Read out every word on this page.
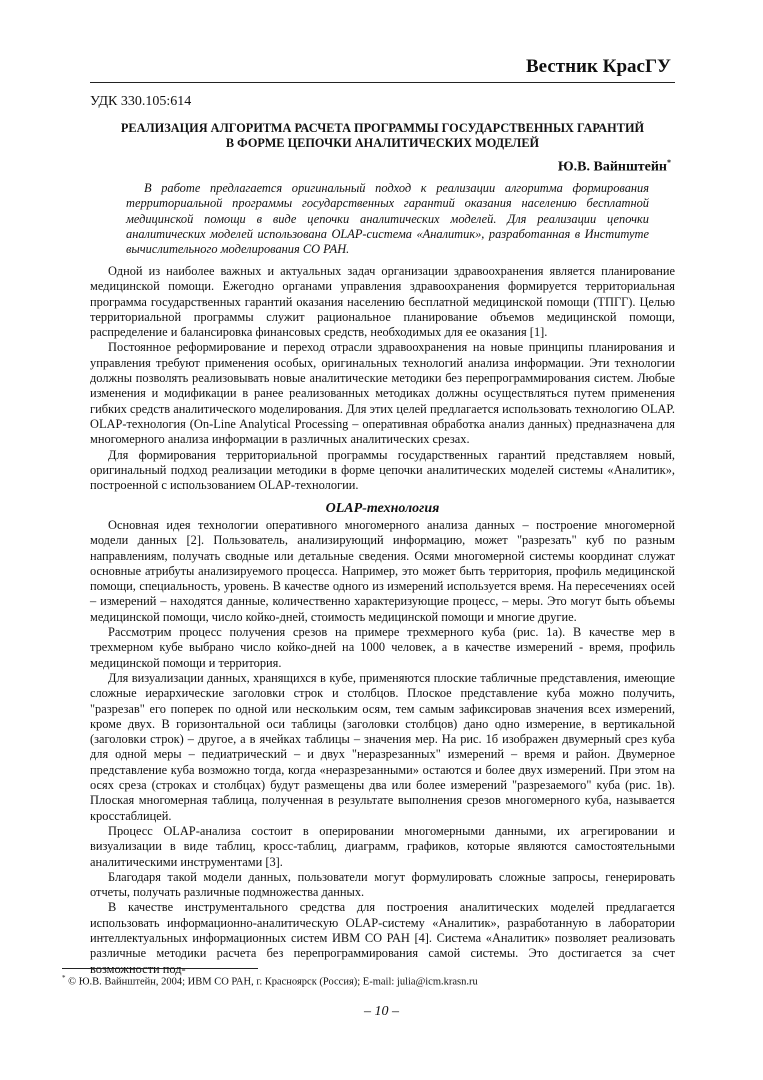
Вестник КрасГУ
УДК 330.105:614
РЕАЛИЗАЦИЯ АЛГОРИТМА РАСЧЕТА ПРОГРАММЫ ГОСУДАРСТВЕННЫХ ГАРАНТИЙ
В ФОРМЕ ЦЕПОЧКИ АНАЛИТИЧЕСКИХ МОДЕЛЕЙ
Ю.В. Вайнштейн*

В работе предлагается оригинальный подход к реализации алгоритма формирования территориальной программы государственных гарантий оказания населению бесплатной медицинской помощи в виде цепочки аналитических моделей. Для реализации цепочки аналитических моделей использована OLAP-система «Аналитик», разработанная в Институте вычислительного моделирования СО РАН.

Одной из наиболее важных и актуальных задач организации здравоохранения является планирование медицинской помощи. Ежегодно органами управления здравоохранения формируется территориальная программа государственных гарантий оказания населению бесплатной медицинской помощи (ТПГГ). Целью территориальной программы служит рациональное планирование объемов медицинской помощи, распределение и балансировка финансовых средств, необходимых для ее оказания [1].

Постоянное реформирование и переход отрасли здравоохранения на новые принципы планирования и управления требуют применения особых, оригинальных технологий анализа информации. Эти технологии должны позволять реализовывать новые аналитические методики без перепрограммирования систем. Любые изменения и модификации в ранее реализованных методиках должны осуществляться путем применения гибких средств аналитического моделирования. Для этих целей предлагается использовать технологию OLAP. OLAP-технология (On-Line Analytical Processing – оперативная обработка анализ данных) предназначена для многомерного анализа информации в различных аналитических срезах.

Для формирования территориальной программы государственных гарантий представляем новый, оригинальный подход реализации методики в форме цепочки аналитических моделей системы «Аналитик», построенной с использованием OLAP-технологии.

OLAP-технология

Основная идея технологии оперативного многомерного анализа данных – построение многомерной модели данных [2]. Пользователь, анализирующий информацию, может "разрезать" куб по разным направлениям, получать сводные или детальные сведения. Осями многомерной системы координат служат основные атрибуты анализируемого процесса. Например, это может быть территория, профиль медицинской помощи, специальность, уровень. В качестве одного из измерений используется время. На пересечениях осей – измерений – находятся данные, количественно характеризующие процесс, – меры. Это могут быть объемы медицинской помощи, число койко-дней, стоимость медицинской помощи и многие другие.

Рассмотрим процесс получения срезов на примере трехмерного куба (рис. 1а). В качестве мер в трехмерном кубе выбрано число койко-дней на 1000 человек, а в качестве измерений - время, профиль медицинской помощи и территория.

Для визуализации данных, хранящихся в кубе, применяются плоские табличные представления, имеющие сложные иерархические заголовки строк и столбцов. Плоское представление куба можно получить, "разрезав" его поперек по одной или нескольким осям, тем самым зафиксировав значения всех измерений, кроме двух. В горизонтальной оси таблицы (заголовки столбцов) дано одно измерение, в вертикальной (заголовки строк) – другое, а в ячейках таблицы – значения мер. На рис. 1б изображен двумерный срез куба для одной меры – педиатрический – и двух "неразрезанных" измерений – время и район. Двумерное представление куба возможно тогда, когда «неразрезанными» остаются и более двух измерений. При этом на осях среза (строках и столбцах) будут размещены два или более измерений "разрезаемого" куба (рис. 1в). Плоская многомерная таблица, полученная в результате выполнения срезов многомерного куба, называется кросстаблицей.

Процесс OLAP-анализа состоит в оперировании многомерными данными, их агрегировании и визуализации в виде таблиц, кросс-таблиц, диаграмм, графиков, которые являются самостоятельными аналитическими инструментами [3].

Благодаря такой модели данных, пользователи могут формулировать сложные запросы, генерировать отчеты, получать различные подмножества данных.

В качестве инструментального средства для построения аналитических моделей предлагается использовать информационно-аналитическую OLAP-систему «Аналитик», разработанную в лаборатории интеллектуальных информационных систем ИВМ СО РАН [4]. Система «Аналитик» позволяет реализовать различные методики расчета без перепрограммирования самой системы. Это достигается за счет возможности под-

* © Ю.В. Вайнштейн, 2004; ИВМ СО РАН, г. Красноярск (Россия); E-mail: julia@icm.krasn.ru
– 10 –
